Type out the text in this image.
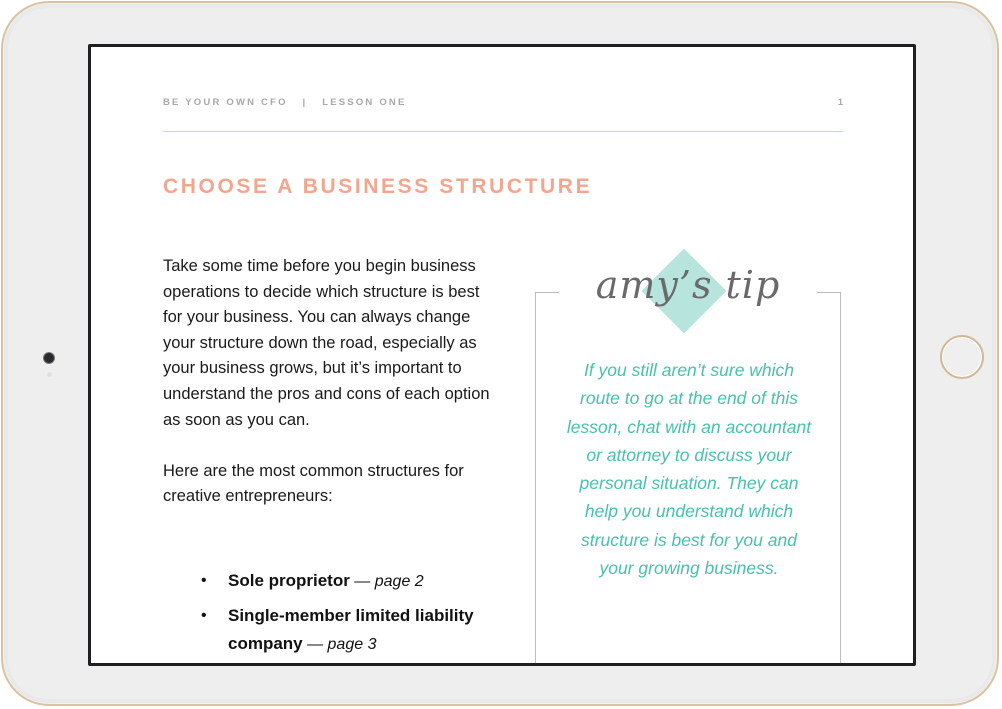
BE YOUR OWN CFO | LESSON ONE	1
CHOOSE A BUSINESS STRUCTURE

Take some time before you begin business operations to decide which structure is best for your business. You can always change your structure down the road, especially as your business grows, but it’s important to understand the pros and cons of each option as soon as you can.

Here are the most common structures for creative entrepreneurs:

• Sole proprietor — page 2
• Single-member limited liability company — page 3
amy’s tip
If you still aren’t sure which route to go at the end of this lesson, chat with an accountant or attorney to discuss your personal situation. They can help you understand which structure is best for you and your growing business.
